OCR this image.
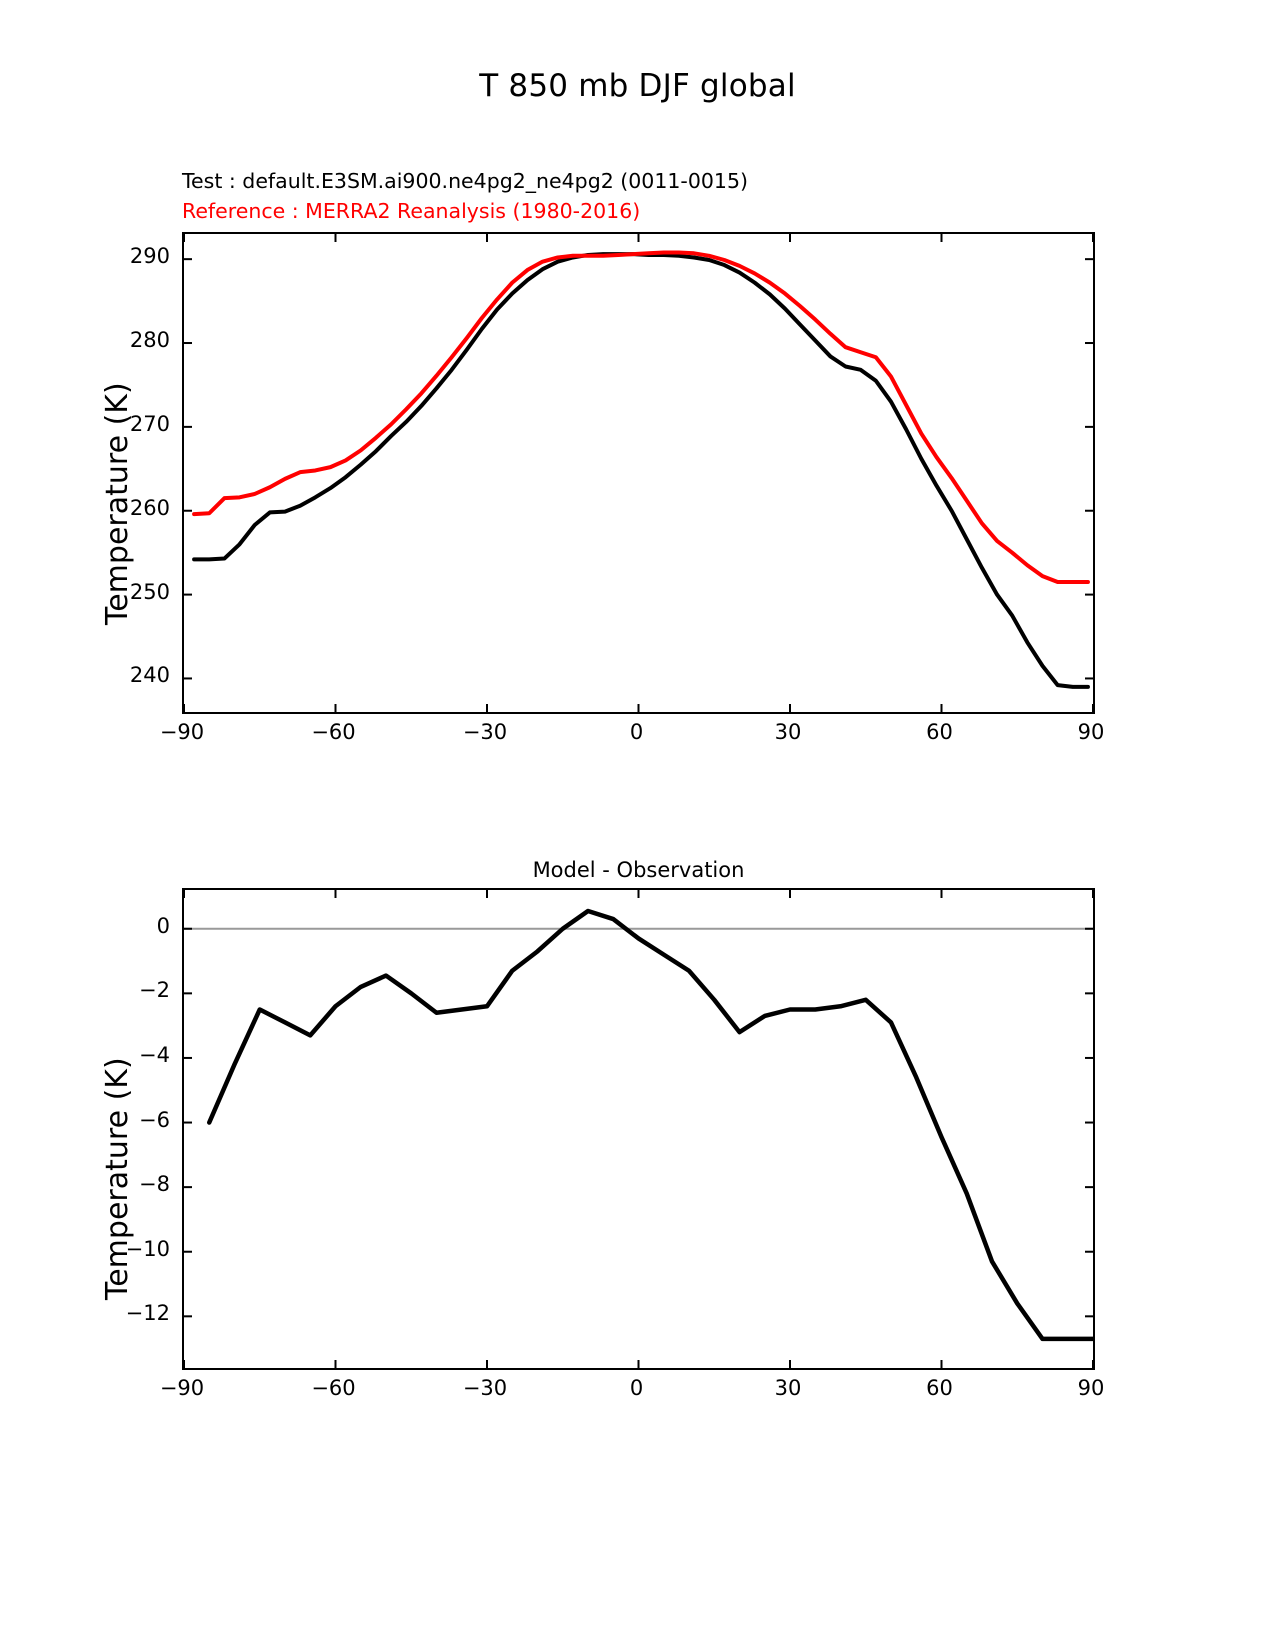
T 850 mb DJF global
Test : default.E3SM.ai900.ne4pg2_ne4pg2 (0011-0015)
Reference : MERRA2 Reanalysis (1980-2016)
Temperature (K)
−90	−60	−30	0	30	60	90
240
250
260
270
280
290
Model - Observation
Temperature (K)
−90	−60	−30	0	30	60	90
−12
−10
−8
−6
−4
−2
0
